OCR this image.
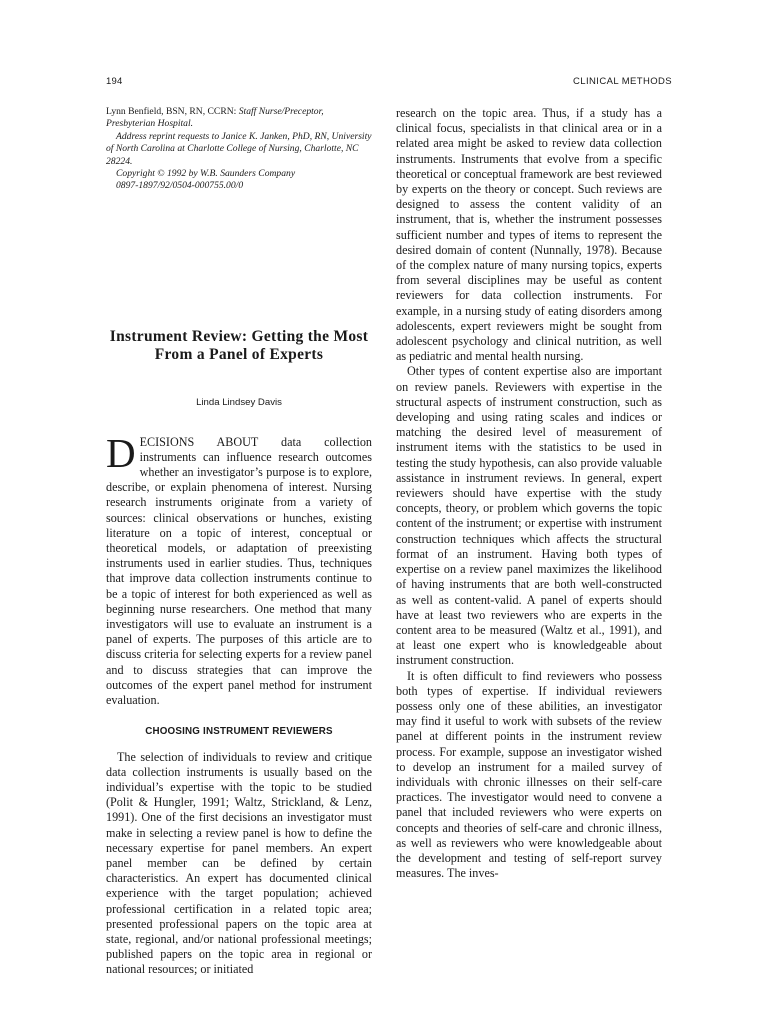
194	CLINICAL METHODS

Lynn Benfield, BSN, RN, CCRN: Staff Nurse/Preceptor, Presbyterian Hospital.

Address reprint requests to Janice K. Janken, PhD, RN, University of North Carolina at Charlotte College of Nursing, Charlotte, NC 28224.

Copyright © 1992 by W.B. Saunders Company

0897-1897/92/0504-000755.00/0

Instrument Review: Getting the Most From a Panel of Experts
Linda Lindsey Davis

DECISIONS ABOUT data collection instruments can influence research outcomes whether an investigator’s purpose is to explore, describe, or explain phenomena of interest. Nursing research instruments originate from a variety of sources: clinical observations or hunches, existing literature on a topic of interest, conceptual or theoretical models, or adaptation of preexisting instruments used in earlier studies. Thus, techniques that improve data collection instruments continue to be a topic of interest for both experienced as well as beginning nurse researchers. One method that many investigators will use to evaluate an instrument is a panel of experts. The purposes of this article are to discuss criteria for selecting experts for a review panel and to discuss strategies that can improve the outcomes of the expert panel method for instrument evaluation.

CHOOSING INSTRUMENT REVIEWERS

The selection of individuals to review and critique data collection instruments is usually based on the individual’s expertise with the topic to be studied (Polit & Hungler, 1991; Waltz, Strickland, & Lenz, 1991). One of the first decisions an investigator must make in selecting a review panel is how to define the necessary expertise for panel members. An expert panel member can be defined by certain characteristics. An expert has documented clinical experience with the target population; achieved professional certification in a related topic area; presented professional papers on the topic area at state, regional, and/or national professional meetings; published papers on the topic area in regional or national resources; or initiated

research on the topic area. Thus, if a study has a clinical focus, specialists in that clinical area or in a related area might be asked to review data collection instruments. Instruments that evolve from a specific theoretical or conceptual framework are best reviewed by experts on the theory or concept. Such reviews are designed to assess the content validity of an instrument, that is, whether the instrument possesses sufficient number and types of items to represent the desired domain of content (Nunnally, 1978). Because of the complex nature of many nursing topics, experts from several disciplines may be useful as content reviewers for data collection instruments. For example, in a nursing study of eating disorders among adolescents, expert reviewers might be sought from adolescent psychology and clinical nutrition, as well as pediatric and mental health nursing.

Other types of content expertise also are important on review panels. Reviewers with expertise in the structural aspects of instrument construction, such as developing and using rating scales and indices or matching the desired level of measurement of instrument items with the statistics to be used in testing the study hypothesis, can also provide valuable assistance in instrument reviews. In general, expert reviewers should have expertise with the study concepts, theory, or problem which governs the topic content of the instrument; or expertise with instrument construction techniques which affects the structural format of an instrument. Having both types of expertise on a review panel maximizes the likelihood of having instruments that are both well-constructed as well as content-valid. A panel of experts should have at least two reviewers who are experts in the content area to be measured (Waltz et al., 1991), and at least one expert who is knowledgeable about instrument construction.

It is often difficult to find reviewers who possess both types of expertise. If individual reviewers possess only one of these abilities, an investigator may find it useful to work with subsets of the review panel at different points in the instrument review process. For example, suppose an investigator wished to develop an instrument for a mailed survey of individuals with chronic illnesses on their self-care practices. The investigator would need to convene a panel that included reviewers who were experts on concepts and theories of self-care and chronic illness, as well as reviewers who were knowledgeable about the development and testing of self-report survey measures. The inves-
